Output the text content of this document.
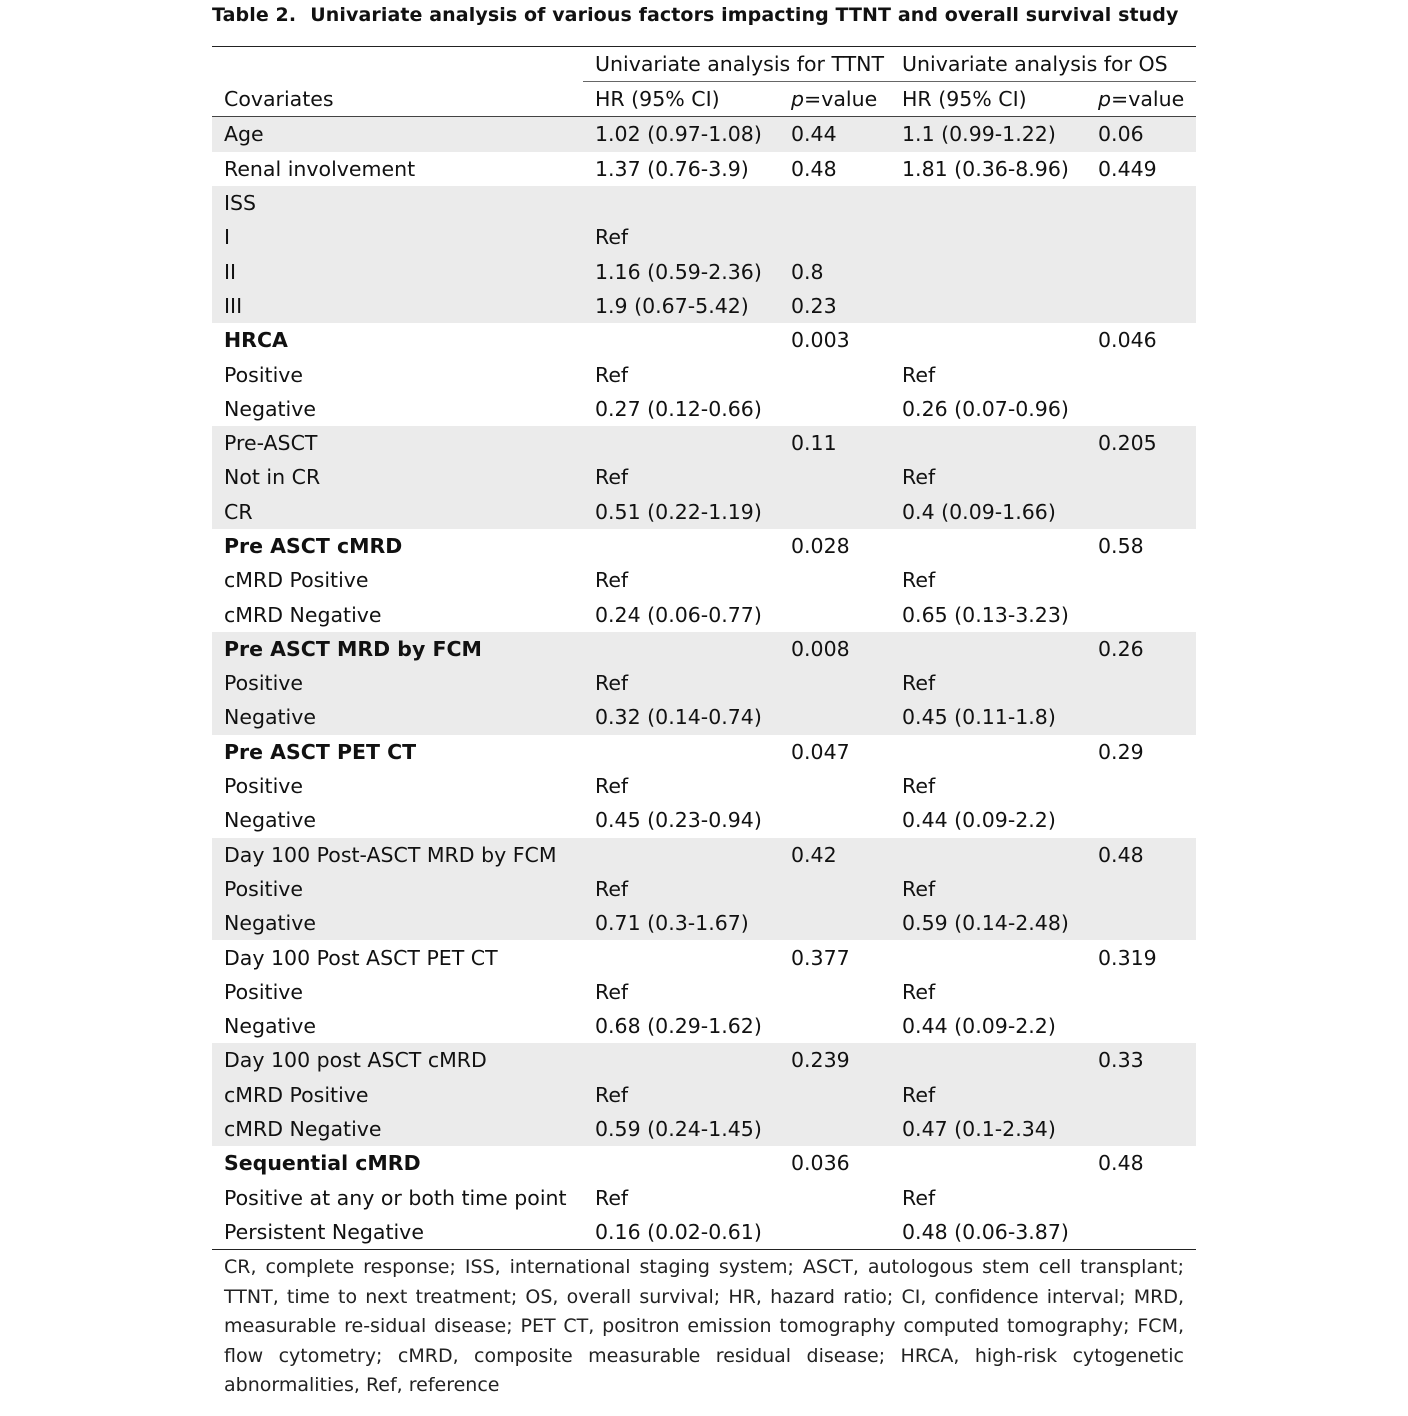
Table 2. Univariate analysis of various factors impacting TTNT and overall survival study

	Univariate analysis for TTNT		Univariate analysis for OS	
Covariates	HR (95% CI)	p=value	HR (95% CI)	p=value
Age	1.02 (0.97-1.08)	0.44	1.1 (0.99-1.22)	0.06
Renal involvement	1.37 (0.76-3.9)	0.48	1.81 (0.36-8.96)	0.449
ISS				
I	Ref			
II	1.16 (0.59-2.36)	0.8		
III	1.9 (0.67-5.42)	0.23		
HRCA		0.003		0.046
Positive	Ref		Ref	
Negative	0.27 (0.12-0.66)		0.26 (0.07-0.96)	
Pre-ASCT		0.11		0.205
Not in CR	Ref		Ref	
CR	0.51 (0.22-1.19)		0.4 (0.09-1.66)	
Pre ASCT cMRD		0.028		0.58
cMRD Positive	Ref		Ref	
cMRD Negative	0.24 (0.06-0.77)		0.65 (0.13-3.23)	
Pre ASCT MRD by FCM		0.008		0.26
Positive	Ref		Ref	
Negative	0.32 (0.14-0.74)		0.45 (0.11-1.8)	
Pre ASCT PET CT		0.047		0.29
Positive	Ref		Ref	
Negative	0.45 (0.23-0.94)		0.44 (0.09-2.2)	
Day 100 Post-ASCT MRD by FCM		0.42		0.48
Positive	Ref		Ref	
Negative	0.71 (0.3-1.67)		0.59 (0.14-2.48)	
Day 100 Post ASCT PET CT		0.377		0.319
Positive	Ref		Ref	
Negative	0.68 (0.29-1.62)		0.44 (0.09-2.2)	
Day 100 post ASCT cMRD		0.239		0.33
cMRD Positive	Ref		Ref	
cMRD Negative	0.59 (0.24-1.45)		0.47 (0.1-2.34)	
Sequential cMRD		0.036		0.48
Positive at any or both time point	Ref		Ref	
Persistent Negative	0.16 (0.02-0.61)		0.48 (0.06-3.87)	

CR, complete response; ISS, international staging system; ASCT, autologous stem cell transplant; TTNT, time to next treatment; OS, overall survival; HR, hazard ratio; CI, confidence interval; MRD, measurable re-sidual disease; PET CT, positron emission tomography computed tomography; FCM, flow cytometry; cMRD, composite measurable residual disease; HRCA, high-risk cytogenetic abnormalities, Ref, reference
